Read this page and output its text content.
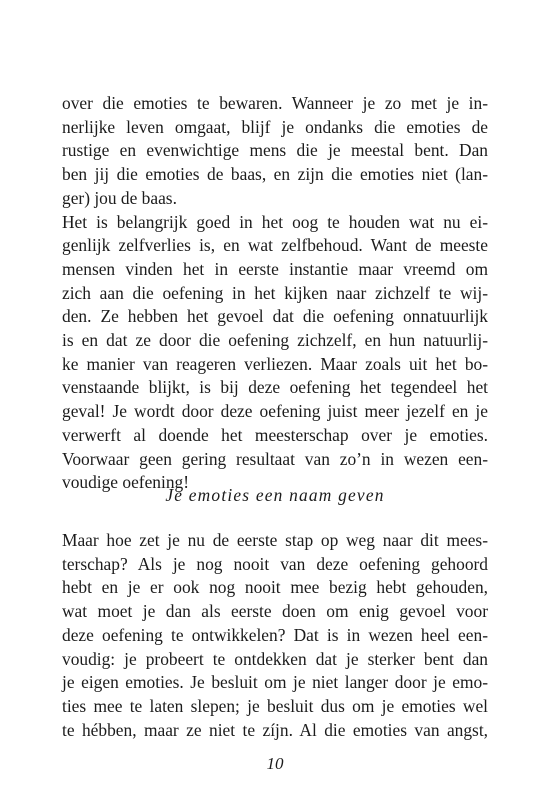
over die emoties te bewaren. Wanneer je zo met je in-
nerlijke leven omgaat, blijf je ondanks die emoties de
rustige en evenwichtige mens die je meestal bent. Dan
ben jij die emoties de baas, en zijn die emoties niet (lan-
ger) jou de baas.

Het is belangrijk goed in het oog te houden wat nu ei-
genlijk zelfverlies is, en wat zelfbehoud. Want de meeste
mensen vinden het in eerste instantie maar vreemd om
zich aan die oefening in het kijken naar zichzelf te wij-
den. Ze hebben het gevoel dat die oefening onnatuurlijk
is en dat ze door die oefening zichzelf, en hun natuurlij-
ke manier van reageren verliezen. Maar zoals uit het bo-
venstaande blijkt, is bij deze oefening het tegendeel het
geval! Je wordt door deze oefening juist meer jezelf en je
verwerft al doende het meesterschap over je emoties.
Voorwaar geen gering resultaat van zo’n in wezen een-
voudige oefening!

Je emoties een naam geven

Maar hoe zet je nu de eerste stap op weg naar dit mees-
terschap? Als je nog nooit van deze oefening gehoord
hebt en je er ook nog nooit mee bezig hebt gehouden,
wat moet je dan als eerste doen om enig gevoel voor
deze oefening te ontwikkelen? Dat is in wezen heel een-
voudig: je probeert te ontdekken dat je sterker bent dan
je eigen emoties. Je besluit om je niet langer door je emo-
ties mee te laten slepen; je besluit dus om je emoties wel
te hébben, maar ze niet te zíjn. Al die emoties van angst,

10
